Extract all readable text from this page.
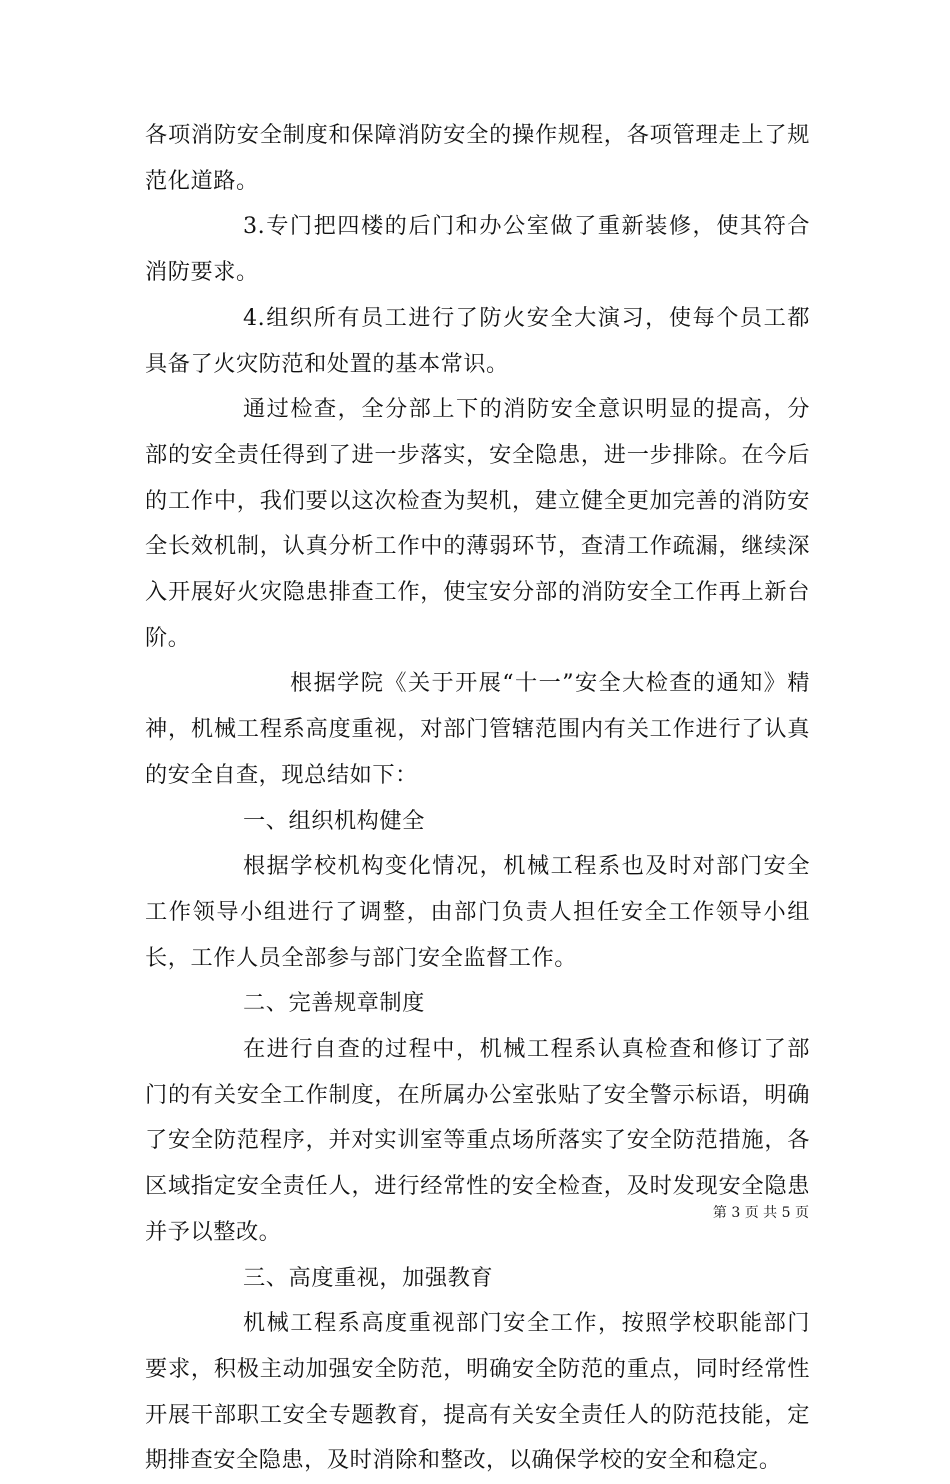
各项消防安全制度和保障消防安全的操作规程，各项管理走上了规范化道路。

3.专门把四楼的后门和办公室做了重新装修，使其符合消防要求。

4.组织所有员工进行了防火安全大演习，使每个员工都具备了火灾防范和处置的基本常识。

通过检查，全分部上下的消防安全意识明显的提高，分部的安全责任得到了进一步落实，安全隐患，进一步排除。在今后的工作中，我们要以这次检查为契机，建立健全更加完善的消防安全长效机制，认真分析工作中的薄弱环节，查清工作疏漏，继续深入开展好火灾隐患排查工作，使宝安分部的消防安全工作再上新台阶。

根据学院《关于开展“十一”安全大检查的通知》精神，机械工程系高度重视，对部门管辖范围内有关工作进行了认真的安全自查，现总结如下：

一、组织机构健全

根据学校机构变化情况，机械工程系也及时对部门安全工作领导小组进行了调整，由部门负责人担任安全工作领导小组长，工作人员全部参与部门安全监督工作。

二、完善规章制度

在进行自查的过程中，机械工程系认真检查和修订了部门的有关安全工作制度，在所属办公室张贴了安全警示标语，明确了安全防范程序，并对实训室等重点场所落实了安全防范措施，各区域指定安全责任人，进行经常性的安全检查，及时发现安全隐患并予以整改。

三、高度重视，加强教育

机械工程系高度重视部门安全工作，按照学校职能部门要求，积极主动加强安全防范，明确安全防范的重点，同时经常性开展干部职工安全专题教育，提高有关安全责任人的防范技能，定期排查安全隐患，及时消除和整改，以确保学校的安全和稳定。

第 3 页 共 5 页
